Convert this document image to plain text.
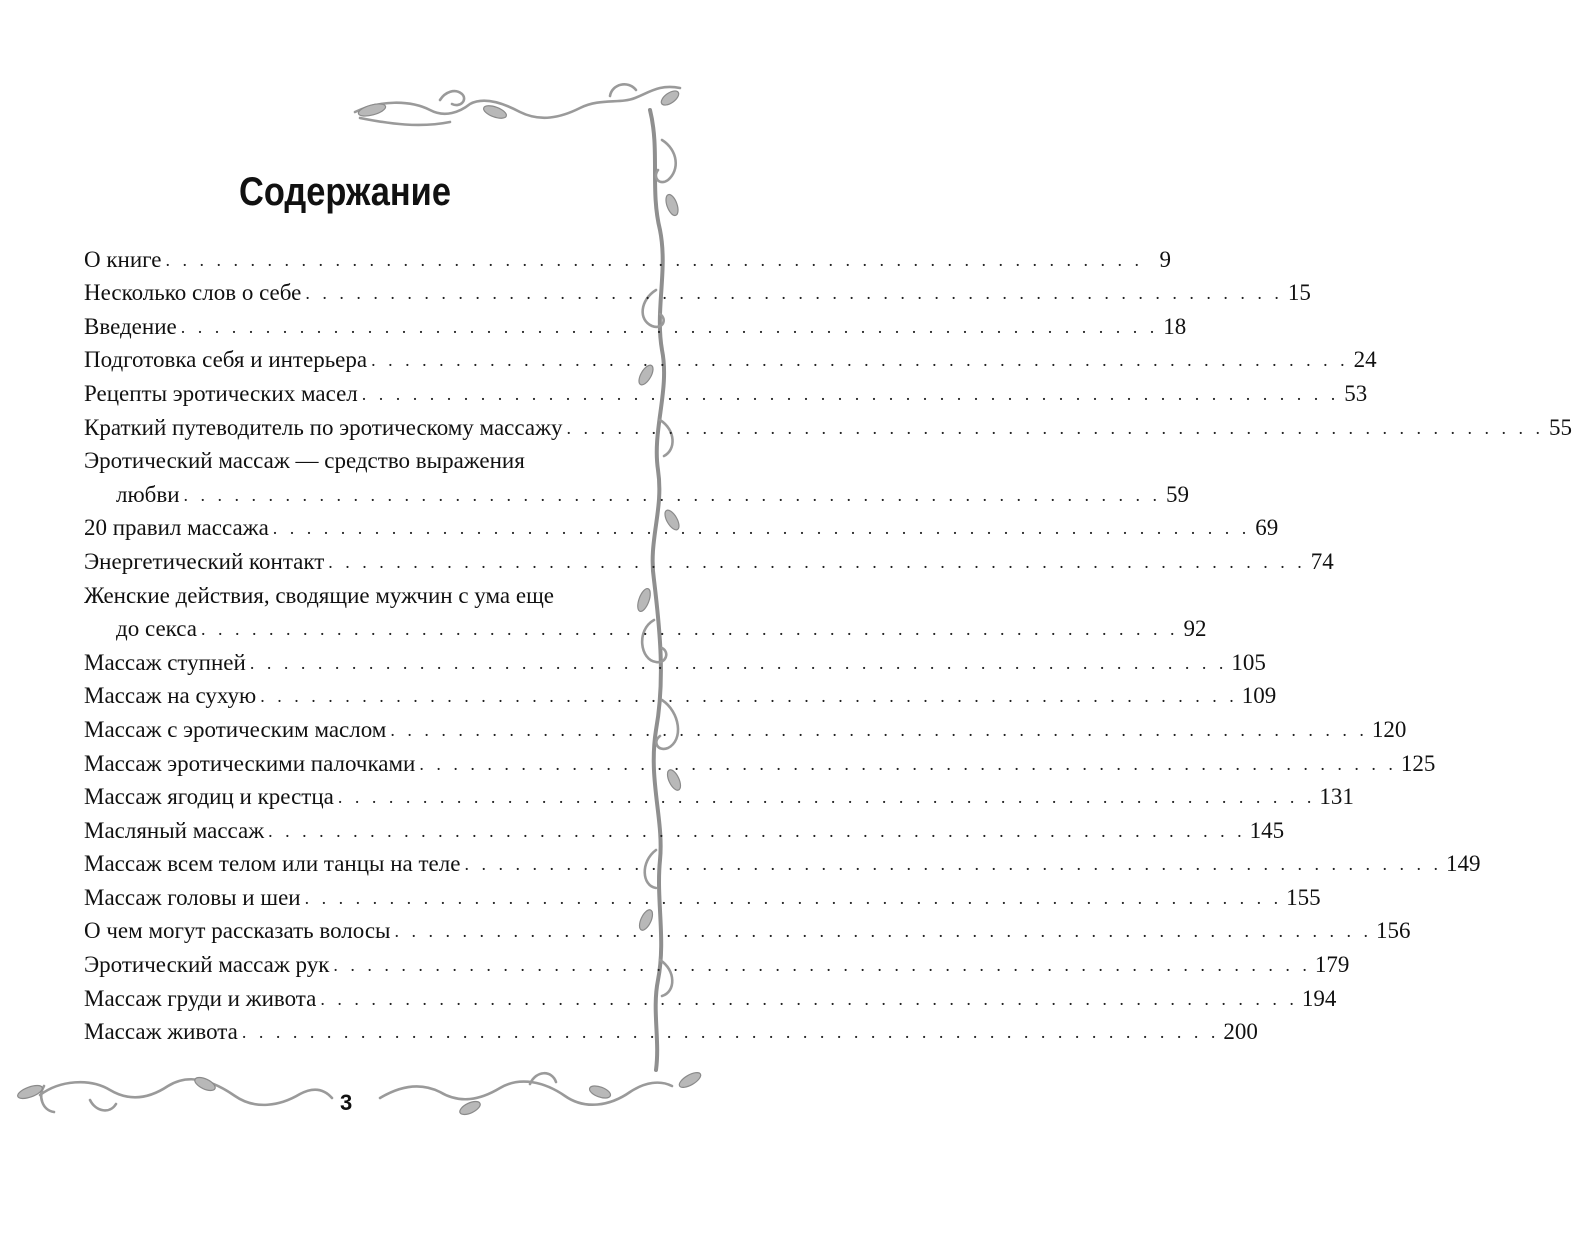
Содержание
О книге . . . . . . . . . . . . . . . . . . . . . . . . . . . . . . . . . . . . . . . . . . . . . . . . . . . . . . . . . . 9
Несколько слов о себе . . . . . . . . . . . . . . . . . . . . . . . . . . . . . . . . . . . . . . . . . . . . . . . . . . . . . . . . . . 15
Введение . . . . . . . . . . . . . . . . . . . . . . . . . . . . . . . . . . . . . . . . . . . . . . . . . . . . . . . . . . 18
Подготовка себя и интерьера . . . . . . . . . . . . . . . . . . . . . . . . . . . . . . . . . . . . . . . . . . . . . . . . . . . . . . . . . . 24
Рецепты эротических масел . . . . . . . . . . . . . . . . . . . . . . . . . . . . . . . . . . . . . . . . . . . . . . . . . . . . . . . . . . 53
Краткий путеводитель по эротическому массажу . . . . . . . . . . . . . . . . . . . . . . . . . . . . . . . . . . . . . . . . . . . . . . . . . . . . . . . . . . 55
Эротический массаж — средство выражения
любви . . . . . . . . . . . . . . . . . . . . . . . . . . . . . . . . . . . . . . . . . . . . . . . . . . . . . . . . . . 59
20 правил массажа . . . . . . . . . . . . . . . . . . . . . . . . . . . . . . . . . . . . . . . . . . . . . . . . . . . . . . . . . . 69
Энергетический контакт . . . . . . . . . . . . . . . . . . . . . . . . . . . . . . . . . . . . . . . . . . . . . . . . . . . . . . . . . . 74
Женские действия, сводящие мужчин с ума еще
до секса . . . . . . . . . . . . . . . . . . . . . . . . . . . . . . . . . . . . . . . . . . . . . . . . . . . . . . . . . . 92
Массаж ступней . . . . . . . . . . . . . . . . . . . . . . . . . . . . . . . . . . . . . . . . . . . . . . . . . . . . . . . . . . 105
Массаж на сухую . . . . . . . . . . . . . . . . . . . . . . . . . . . . . . . . . . . . . . . . . . . . . . . . . . . . . . . . . . 109
Массаж с эротическим маслом . . . . . . . . . . . . . . . . . . . . . . . . . . . . . . . . . . . . . . . . . . . . . . . . . . . . . . . . . . 120
Массаж эротическими палочками . . . . . . . . . . . . . . . . . . . . . . . . . . . . . . . . . . . . . . . . . . . . . . . . . . . . . . . . . . 125
Массаж ягодиц и крестца . . . . . . . . . . . . . . . . . . . . . . . . . . . . . . . . . . . . . . . . . . . . . . . . . . . . . . . . . . 131
Масляный массаж . . . . . . . . . . . . . . . . . . . . . . . . . . . . . . . . . . . . . . . . . . . . . . . . . . . . . . . . . . 145
Массаж всем телом или танцы на теле . . . . . . . . . . . . . . . . . . . . . . . . . . . . . . . . . . . . . . . . . . . . . . . . . . . . . . . . . . 149
Массаж головы и шеи . . . . . . . . . . . . . . . . . . . . . . . . . . . . . . . . . . . . . . . . . . . . . . . . . . . . . . . . . . 155
О чем могут рассказать волосы . . . . . . . . . . . . . . . . . . . . . . . . . . . . . . . . . . . . . . . . . . . . . . . . . . . . . . . . . . 156
Эротический массаж рук . . . . . . . . . . . . . . . . . . . . . . . . . . . . . . . . . . . . . . . . . . . . . . . . . . . . . . . . . . 179
Массаж груди и живота . . . . . . . . . . . . . . . . . . . . . . . . . . . . . . . . . . . . . . . . . . . . . . . . . . . . . . . . . . 194
Массаж живота . . . . . . . . . . . . . . . . . . . . . . . . . . . . . . . . . . . . . . . . . . . . . . . . . . . . . . . . . . 200
3
